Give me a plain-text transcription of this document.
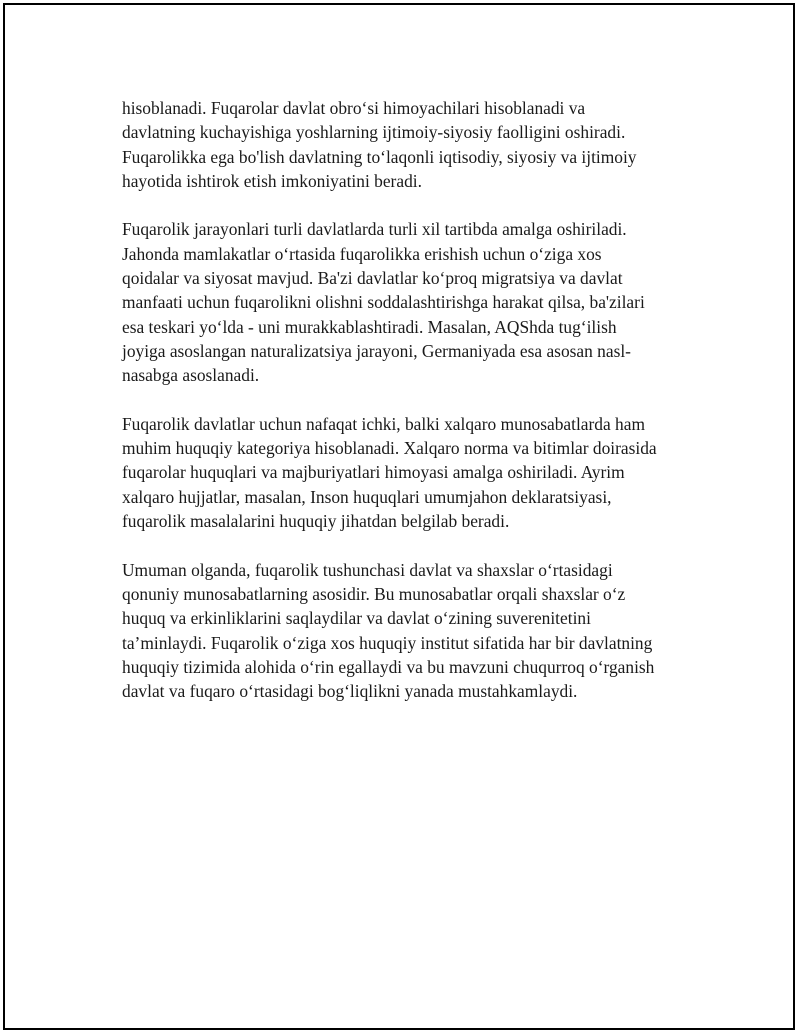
hisoblanadi. Fuqarolar davlat obro‘si himoyachilari hisoblanadi va
davlatning kuchayishiga yoshlarning ijtimoiy-siyosiy faolligini oshiradi.
Fuqarolikka ega bo'lish davlatning to‘laqonli iqtisodiy, siyosiy va ijtimoiy
hayotida ishtirok etish imkoniyatini beradi.

Fuqarolik jarayonlari turli davlatlarda turli xil tartibda amalga oshiriladi.
Jahonda mamlakatlar o‘rtasida fuqarolikka erishish uchun o‘ziga xos
qoidalar va siyosat mavjud. Ba'zi davlatlar ko‘proq migratsiya va davlat
manfaati uchun fuqarolikni olishni soddalashtirishga harakat qilsa, ba'zilari
esa teskari yo‘lda - uni murakkablashtiradi. Masalan, AQShda tug‘ilish
joyiga asoslangan naturalizatsiya jarayoni, Germaniyada esa asosan nasl-
nasabga asoslanadi.

Fuqarolik davlatlar uchun nafaqat ichki, balki xalqaro munosabatlarda ham
muhim huquqiy kategoriya hisoblanadi. Xalqaro norma va bitimlar doirasida
fuqarolar huquqlari va majburiyatlari himoyasi amalga oshiriladi. Ayrim
xalqaro hujjatlar, masalan, Inson huquqlari umumjahon deklaratsiyasi,
fuqarolik masalalarini huquqiy jihatdan belgilab beradi.

Umuman olganda, fuqarolik tushunchasi davlat va shaxslar o‘rtasidagi
qonuniy munosabatlarning asosidir. Bu munosabatlar orqali shaxslar o‘z
huquq va erkinliklarini saqlaydilar va davlat o‘zining suverenitetini
ta’minlaydi. Fuqarolik o‘ziga xos huquqiy institut sifatida har bir davlatning
huquqiy tizimida alohida o‘rin egallaydi va bu mavzuni chuqurroq o‘rganish
davlat va fuqaro o‘rtasidagi bog‘liqlikni yanada mustahkamlaydi.
